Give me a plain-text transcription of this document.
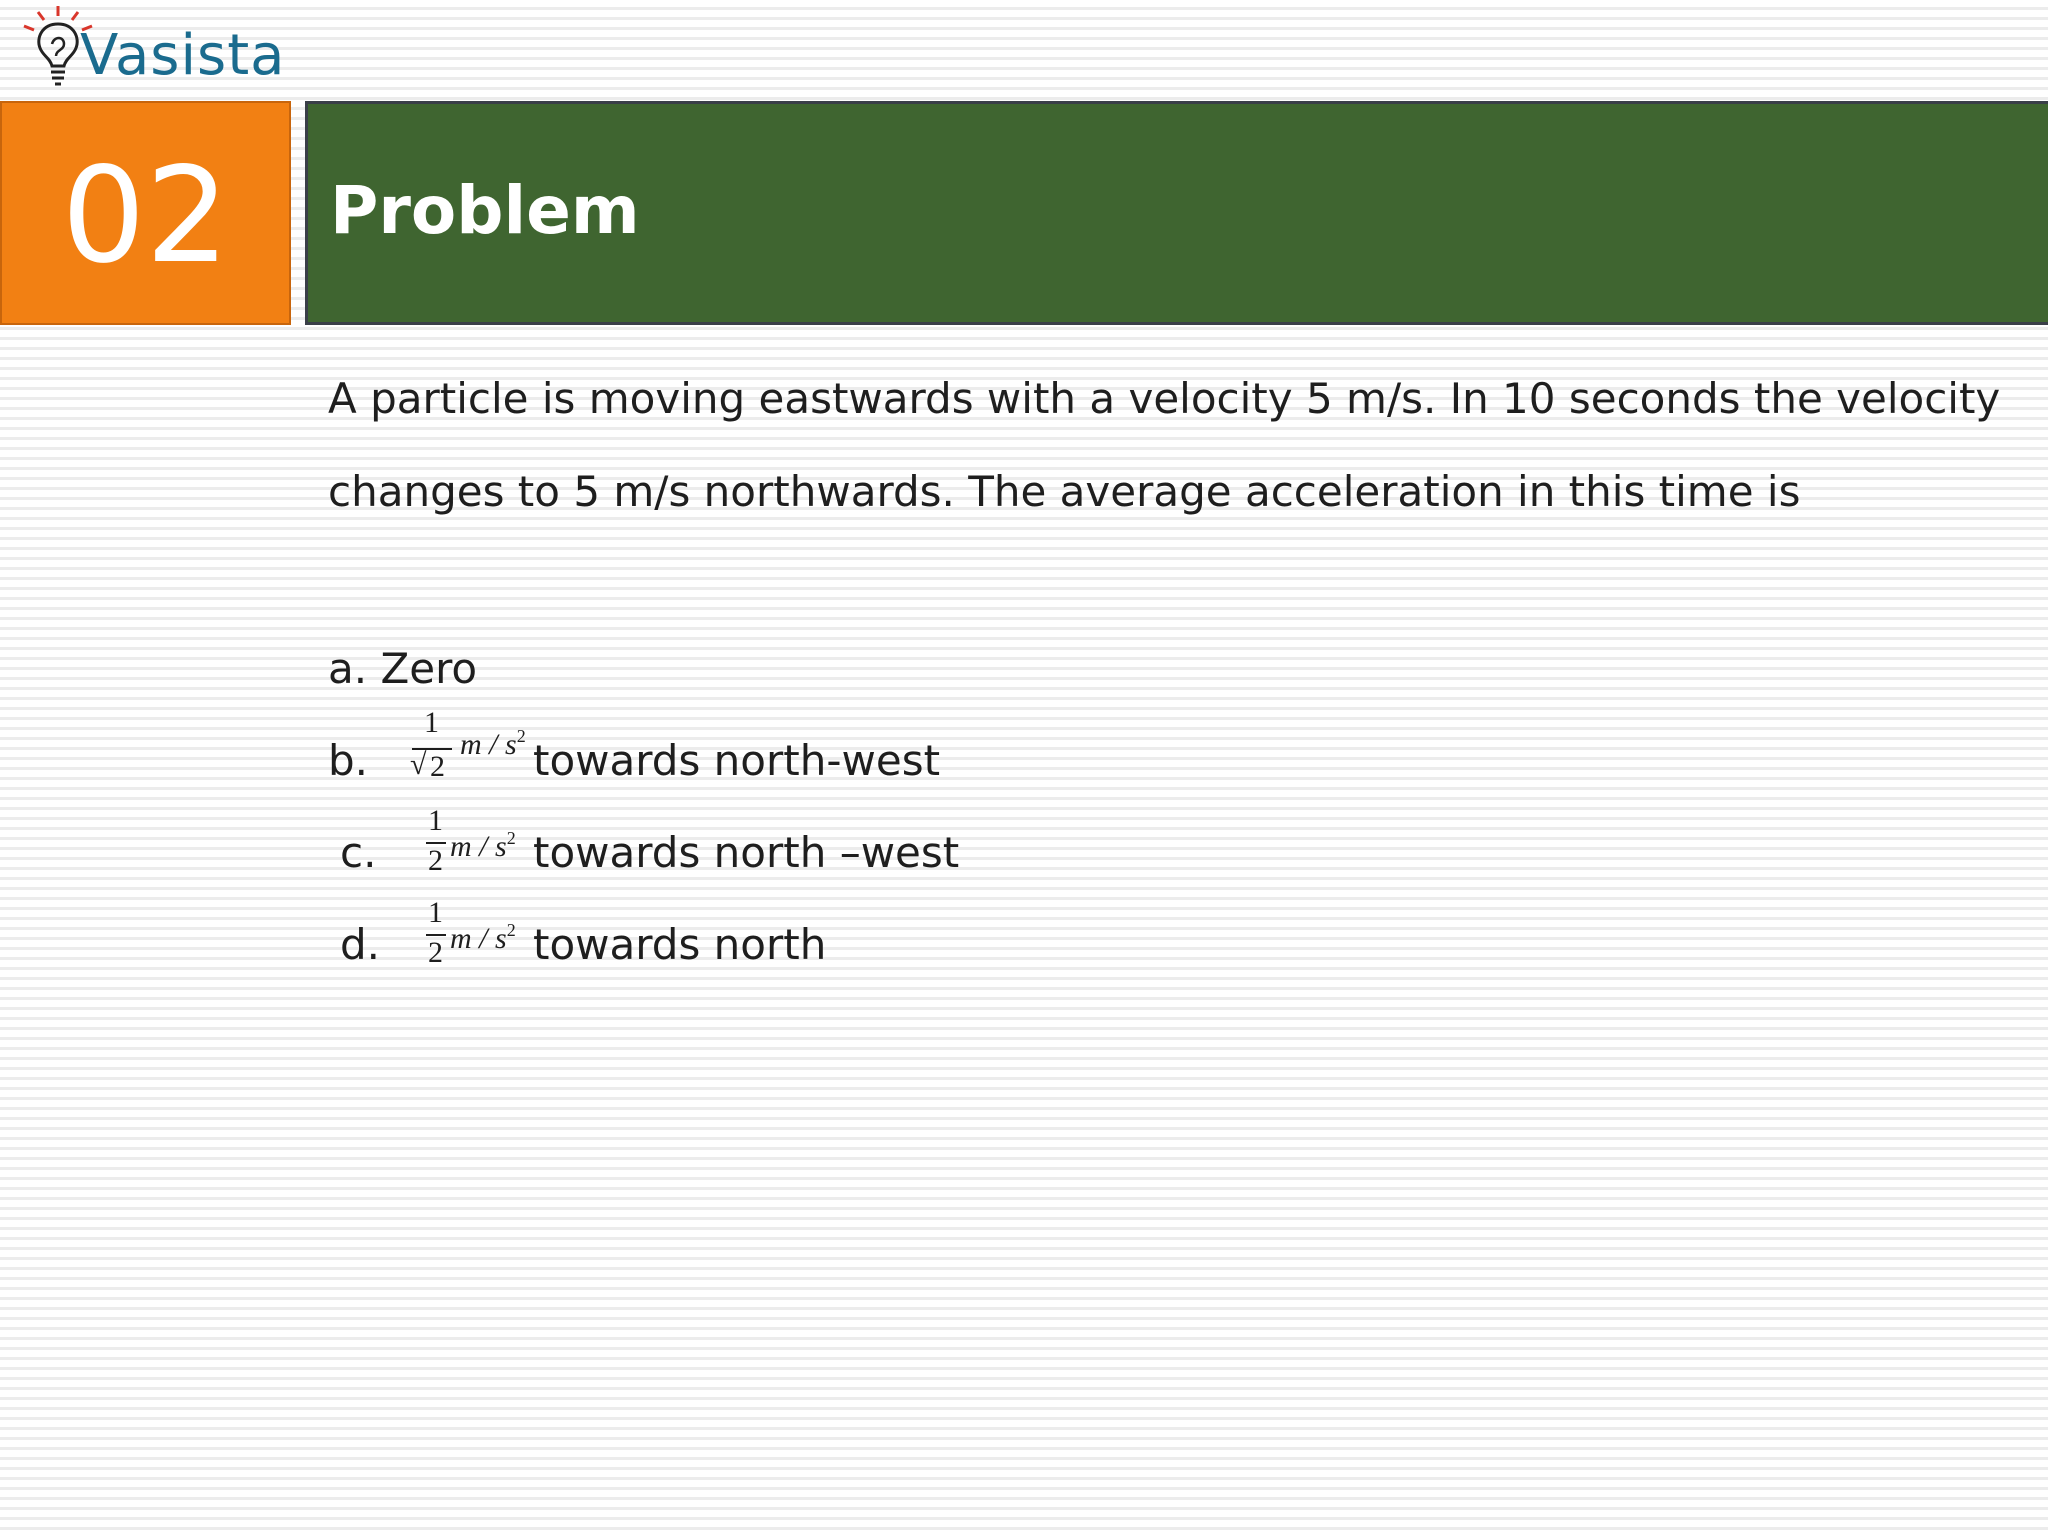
Vasista
02	Problem
A particle is moving eastwards with a velocity 5 m/s. In 10 seconds the velocity changes to 5 m/s northwards. The average acceleration in this time is
a. Zero
b.
1
√ 2
m / $s^2$ towards north-west
c.
1
2 m / $s^2$ towards north –west
d.
1
2 m / $s^2$ towards north
